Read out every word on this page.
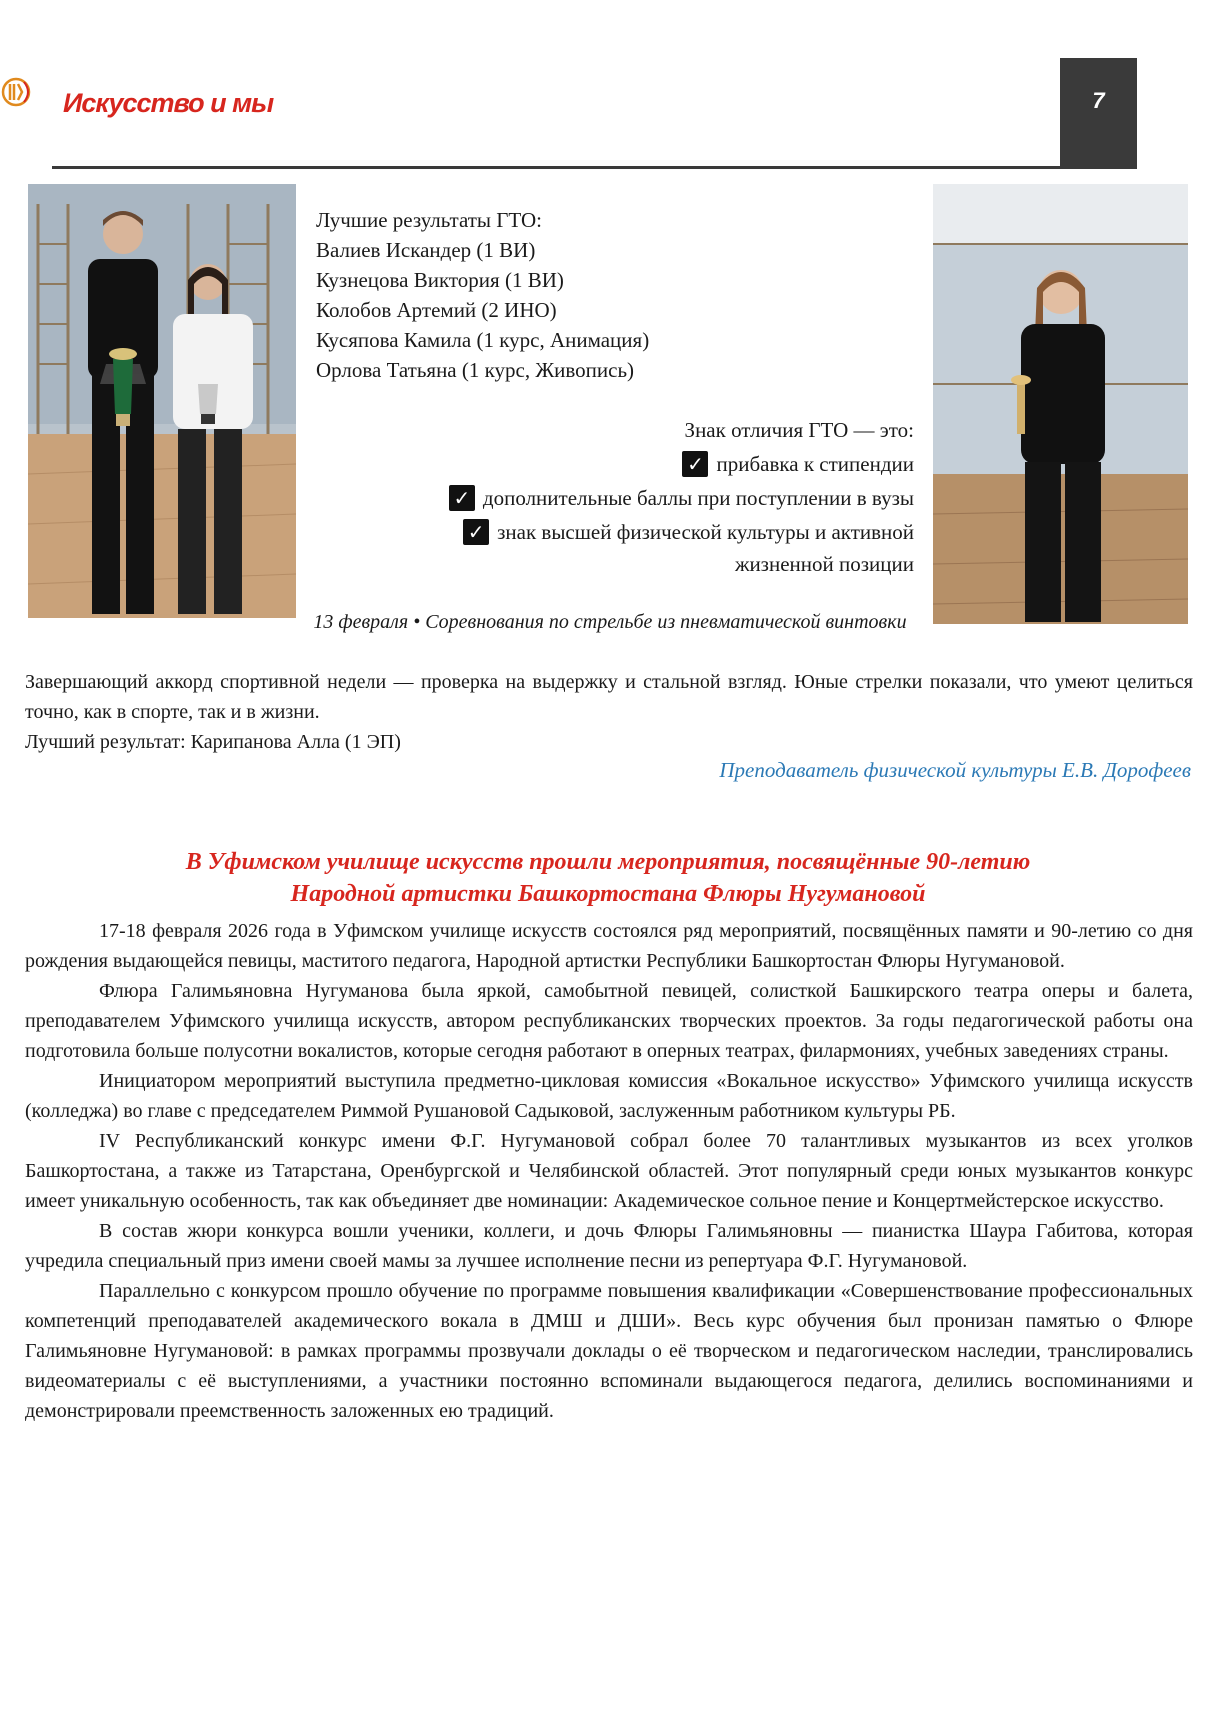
Искусство и мы	7
Лучшие результаты ГТО:
Валиев Искандер (1 ВИ)
Кузнецова Виктория (1 ВИ)
Колобов Артемий (2 ИНО)
Кусяпова Камила (1 курс, Анимация)
Орлова Татьяна (1 курс, Живопись)
Знак отличия ГТО — это:
✓ прибавка к стипендии
✓ дополнительные баллы при поступлении в вузы
✓ знак высшей физической культуры и активной
жизненной позиции
13 февраля • Соревнования по стрельбе из пневматической винтовки

Завершающий аккорд спортивной недели — проверка на выдержку и стальной взгляд. Юные стрелки показали, что умеют целиться точно, как в спорте, так и в жизни.

Лучший результат: Карипанова Алла (1 ЭП)

Преподаватель физической культуры Е.В. Дорофеев
В Уфимском училище искусств прошли мероприятия, посвящённые 90-летию
Народной артистки Башкортостана Флюры Нугумановой

17-18 февраля 2026 года в Уфимском училище искусств состоялся ряд мероприятий, посвящённых памяти и 90-летию со дня рождения выдающейся певицы, маститого педагога, Народной артистки Республики Башкортостан Флюры Нугумановой.

Флюра Галимьяновна Нугуманова была яркой, самобытной певицей, солисткой Башкирского театра оперы и балета, преподавателем Уфимского училища искусств, автором республиканских творческих проектов. За годы педагогической работы она подготовила больше полусотни вокалистов, которые сегодня работают в оперных театрах, филармониях, учебных заведениях страны.

Инициатором мероприятий выступила предметно-цикловая комиссия «Вокальное искусство» Уфимского училища искусств (колледжа) во главе с председателем Риммой Рушановой Садыковой, заслуженным работником культуры РБ.

IV Республиканский конкурс имени Ф.Г. Нугумановой собрал более 70 талантливых музыкантов из всех уголков Башкортостана, а также из Татарстана, Оренбургской и Челябинской областей. Этот популярный среди юных музыкантов конкурс имеет уникальную особенность, так как объединяет две номинации: Академическое сольное пение и Концертмейстерское искусство.

В состав жюри конкурса вошли ученики, коллеги, и дочь Флюры Галимьяновны — пианистка Шаура Габитова, которая учредила специальный приз имени своей мамы за лучшее исполнение песни из репертуара Ф.Г. Нугумановой.

Параллельно с конкурсом прошло обучение по программе повышения квалификации «Совершенствование профессиональных компетенций преподавателей академического вокала в ДМШ и ДШИ». Весь курс обучения был пронизан памятью о Флюре Галимьяновне Нугумановой: в рамках программы прозвучали доклады о её творческом и педагогическом наследии, транслировались видеоматериалы с её выступлениями, а участники постоянно вспоминали выдающегося педагога, делились воспоминаниями и демонстрировали преемственность заложенных ею традиций.
